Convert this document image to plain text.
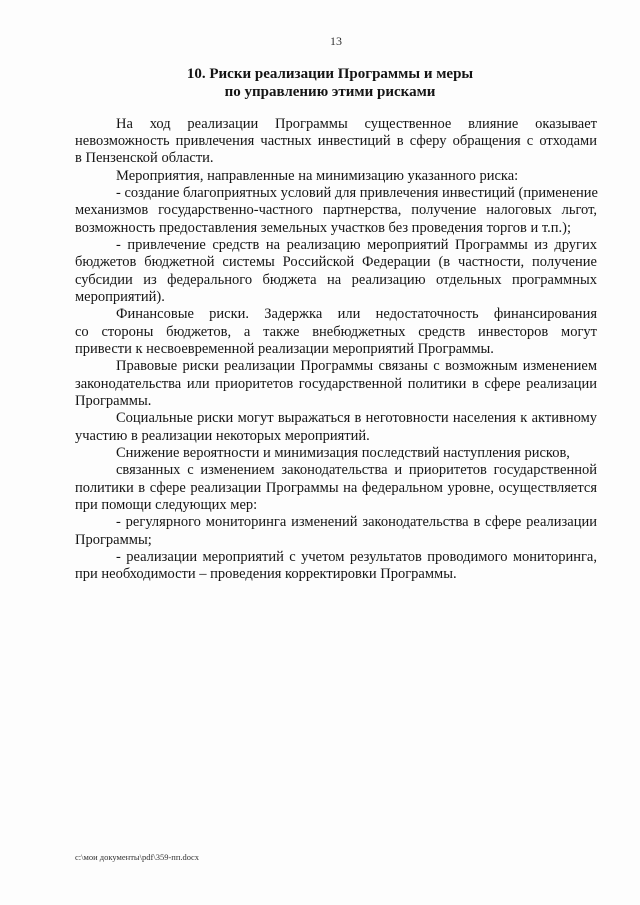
13
10. Риски реализации Программы и меры
по управлению этими рисками
На ход реализации Программы существенное влияние оказывает
невозможность привлечения частных инвестиций в сферу обращения с отходами
в Пензенской области.
Мероприятия, направленные на минимизацию указанного риска:
- создание благоприятных условий для привлечения инвестиций (применение
механизмов государственно-частного партнерства, получение налоговых льгот,
возможность предоставления земельных участков без проведения торгов и т.п.);
- привлечение средств на реализацию мероприятий Программы из других
бюджетов бюджетной системы Российской Федерации (в частности, получение
субсидии из федерального бюджета на реализацию отдельных программных
мероприятий).
Финансовые риски. Задержка или недостаточность финансирования
со стороны бюджетов, а также внебюджетных средств инвесторов могут
привести к несвоевременной реализации мероприятий Программы.
Правовые риски реализации Программы связаны с возможным изменением
законодательства или приоритетов государственной политики в сфере реализации
Программы.
Социальные риски могут выражаться в неготовности населения к активному
участию в реализации некоторых мероприятий.
Снижение вероятности и минимизация последствий наступления рисков,
связанных с изменением законодательства и приоритетов государственной
политики в сфере реализации Программы на федеральном уровне, осуществляется
при помощи следующих мер:
- регулярного мониторинга изменений законодательства в сфере реализации
Программы;
- реализации мероприятий с учетом результатов проводимого мониторинга,
при необходимости – проведения корректировки Программы.
c:\мои документы\pdf\359-пп.docx
